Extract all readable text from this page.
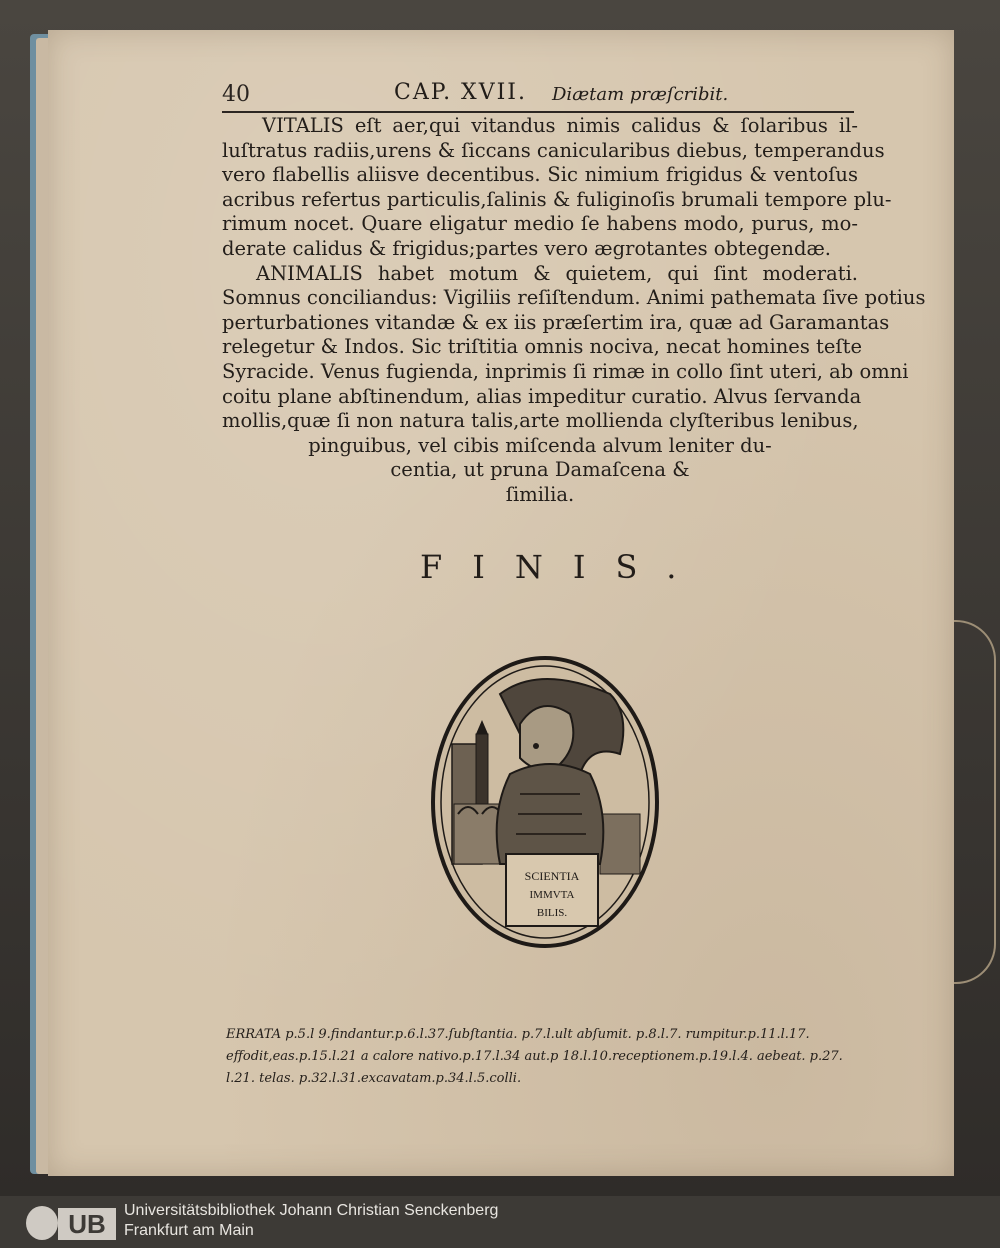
40	CAP. XVII. Diætam præſcribit.
VITALIS eſt aer,qui vitandus nimis calidus & ſolaribus il-
luſtratus radiis,urens & ſiccans canicularibus diebus, temperandus
vero flabellis aliisve decentibus. Sic nimium frigidus & ventoſus
acribus refertus particulis,ſalinis & fuliginoſis brumali tempore plu-
rimum nocet. Quare eligatur medio ſe habens modo, purus, mo-
derate calidus & frigidus;partes vero ægrotantes obtegendæ.
ANIMALIS habet motum & quietem, qui ſint moderati.
Somnus conciliandus: Vigiliis reſiſtendum. Animi pathemata ſive potius
perturbationes vitandæ & ex iis præſertim ira, quæ ad Garamantas
relegetur & Indos. Sic triſtitia omnis nociva, necat homines teſte
Syracide. Venus fugienda, inprimis ſi rimæ in collo ſint uteri, ab omni
coitu plane abſtinendum, alias impeditur curatio. Alvus ſervanda
mollis,quæ ſi non natura talis,arte mollienda clyſteribus lenibus,
pinguibus, vel cibis miſcenda alvum leniter du-
centia, ut pruna Damaſcena &
ſimilia.
FINIS.
SCIENTIA
IMMVTA
BILIS.
ERRATA p.5.l 9.findantur.p.6.l.37.ſubſtantia. p.7.l.ult abſumit. p.8.l.7. rumpitur.p.11.l.17.
effodit,eas.p.15.l.21 a calore nativo.p.17.l.34 aut.p 18.l.10.receptionem.p.19.l.4. aebeat. p.27.
l.21. telas. p.32.l.31.excavatam.p.34.l.5.colli.
UB	Universitätsbibliothek Johann Christian Senckenberg
Frankfurt am Main
